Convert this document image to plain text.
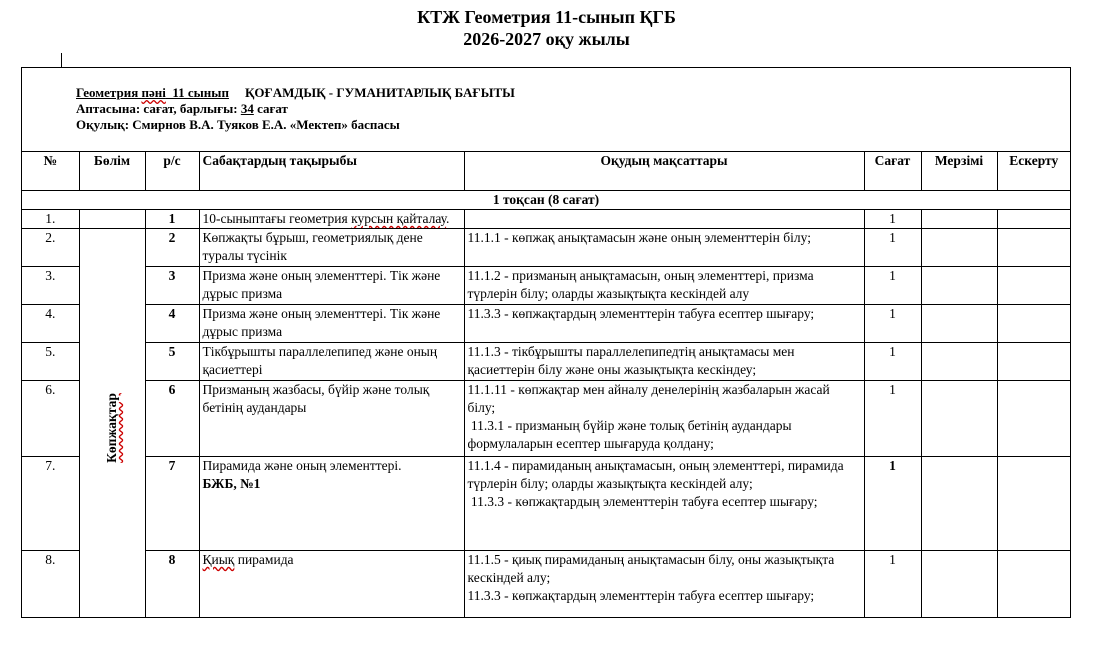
КТЖ Геометрия 11-сынып ҚГБ
2026-2027 оқу жылы
Геометрия пәні_11 сынып ҚОҒАМДЫҚ - ГУМАНИТАРЛЫҚ БАҒЫТЫ
Аптасына: сағат, барлығы: 34 сағат
Оқулық: Смирнов В.А. Туяков Е.А. «Мектеп» баспасы
№	Бөлім	р/с	Сабақтардың тақырыбы	Оқудың мақсаттары	Сағат	Мерзімі	Ескерту
1 тоқсан (8 сағат)							
1.		1	10-сыныптағы геометрия курсын қайталау.		1		
2.	Көпжақтар	2	Көпжақты бұрыш, геометриялық дене туралы түсінік	11.1.1 - көпжақ анықтамасын және оның элементтерін білу;	1		
3.		3	Призма және оның элементтері. Тік және дұрыс призма	11.1.2 - призманың анықтамасын, оның элементтері, призма түрлерін білу; оларды жазықтықта кескіндей алу	1		
4.		4	Призма және оның элементтері. Тік және дұрыс призма	11.3.3 - көпжақтардың элементтерін табуға есептер шығару;	1		
5.		5	Тікбұрышты параллелепипед және оның қасиеттері	11.1.3 - тікбұрышты параллелепипедтің анықтамасы мен қасиеттерін білу және оны жазықтықта кескіндеу;	1		
6.		6	Призманың жазбасы, бүйір және толық бетінің аудандары	11.1.11 - көпжақтар мен айналу денелерінің жазбаларын жасай білу;
11.3.1 - призманың бүйір және толық бетінің аудандары формулаларын есептер шығаруда қолдану;	1		
7.		7	Пирамида және оның элементтері.
БЖБ, №1	11.1.4 - пирамиданың анықтамасын, оның элементтері, пирамида түрлерін білу; оларды жазықтықта кескіндей алу;
11.3.3 - көпжақтардың элементтерін табуға есептер шығару;	1		
8.		8	Қиық пирамида	11.1.5 - қиық пирамиданың анықтамасын білу, оны жазықтықта кескіндей алу;
11.3.3 - көпжақтардың элементтерін табуға есептер шығару;	1		
